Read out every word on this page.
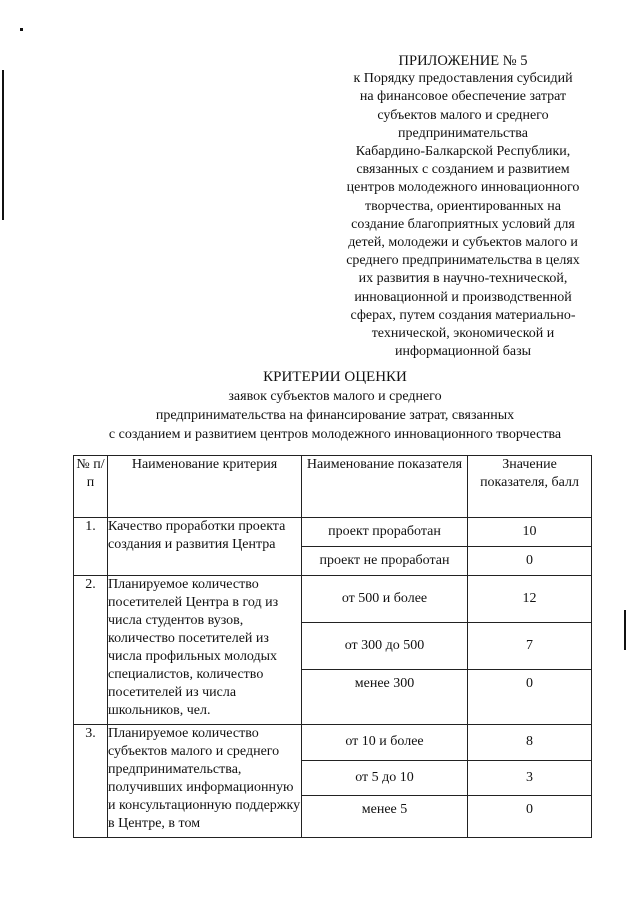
ПРИЛОЖЕНИЕ № 5
к Порядку предоставления субсидий
на финансовое обеспечение затрат
субъектов малого и среднего
предпринимательства
Кабардино-Балкарской Республики,
связанных с созданием и развитием
центров молодежного инновационного
творчества, ориентированных на
создание благоприятных условий для
детей, молодежи и субъектов малого и
среднего предпринимательства в целях
их развития в научно-технической,
инновационной и производственной
сферах, путем создания материально-
технической, экономической и
информационной базы
КРИТЕРИИ ОЦЕНКИ
заявок субъектов малого и среднего
предпринимательства на финансирование затрат, связанных
с созданием и развитием центров молодежного инновационного творчества
№ п/п	Наименование критерия	Наименование показателя	Значение показателя, балл
1.	Качество проработки проекта создания и развития Центра	проект проработан	10
		проект не проработан	0
2.	Планируемое количество посетителей Центра в год из числа студентов вузов, количество посетителей из числа профильных молодых специалистов, количество посетителей из числа школьников, чел.	от 500 и более	12
		от 300 до 500	7
		менее 300	0
3.	Планируемое количество субъектов малого и среднего предпринимательства, получивших информационную и консультационную поддержку в Центре, в том	от 10 и более	8
		от 5 до 10	3
		менее 5	0
